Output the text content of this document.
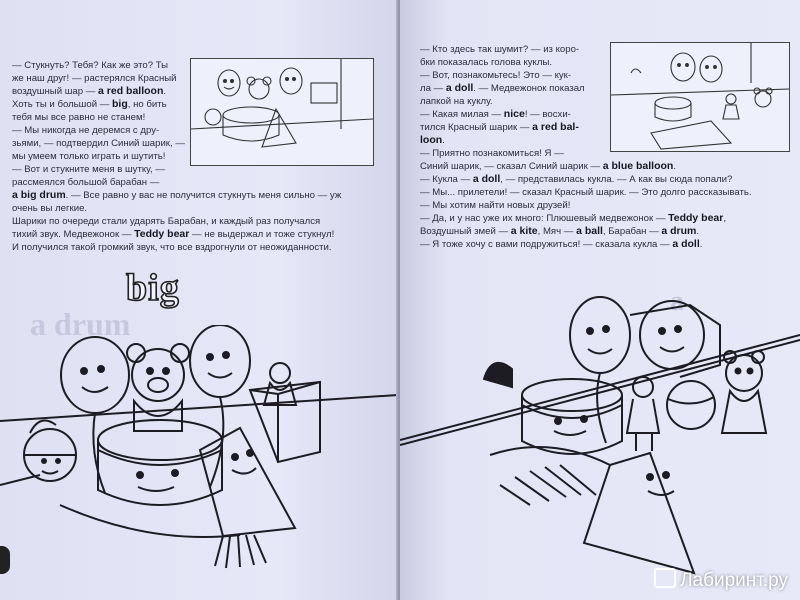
— Стукнуть? Тебя? Как же это? Ты

же наш друг! — растерялся Красный

воздушный шар — a red balloon.

Хоть ты и большой — big, но бить

тебя мы все равно не станем!

— Мы никогда не деремся с дру-

зьями, — подтвердил Синий шарик, —

мы умеем только играть и шутить!

— Вот и стукните меня в шутку, —

рассмеялся большой барабан —

a big drum. — Все равно у вас не получится стукнуть меня сильно — уж

очень вы легкие.

Шарики по очереди стали ударять Барабан, и каждый раз получался

тихий звук. Медвежонок — Teddy bear — не выдержал и тоже стукнул!

И получился такой громкий звук, что все вздрогнули от неожиданности.

a drum
big

— Кто здесь так шумит? — из коро-

бки показалась голова куклы.

— Вот, познакомьтесь! Это — кук-

ла — a doll. — Медвежонок показал

лапкой на куклу.

— Какая милая — nice! — восхи-

тился Красный шарик — a red bal-

loon.

— Приятно познакомиться! Я —

Синий шарик, — сказал Синий шарик — a blue balloon.

— Кукла — a doll, — представилась кукла. — А как вы сюда попали?

— Мы... прилетели! — сказал Красный шарик. — Это долго рассказывать.

— Мы хотим найти новых друзей!

— Да, и у нас уже их много: Плюшевый медвежонок — Teddy bear,

Воздушный змей — a kite, Мяч — a ball, Барабан — a drum.

— Я тоже хочу с вами подружиться! — сказала кукла — a doll.

a
Лабиринт.ру
